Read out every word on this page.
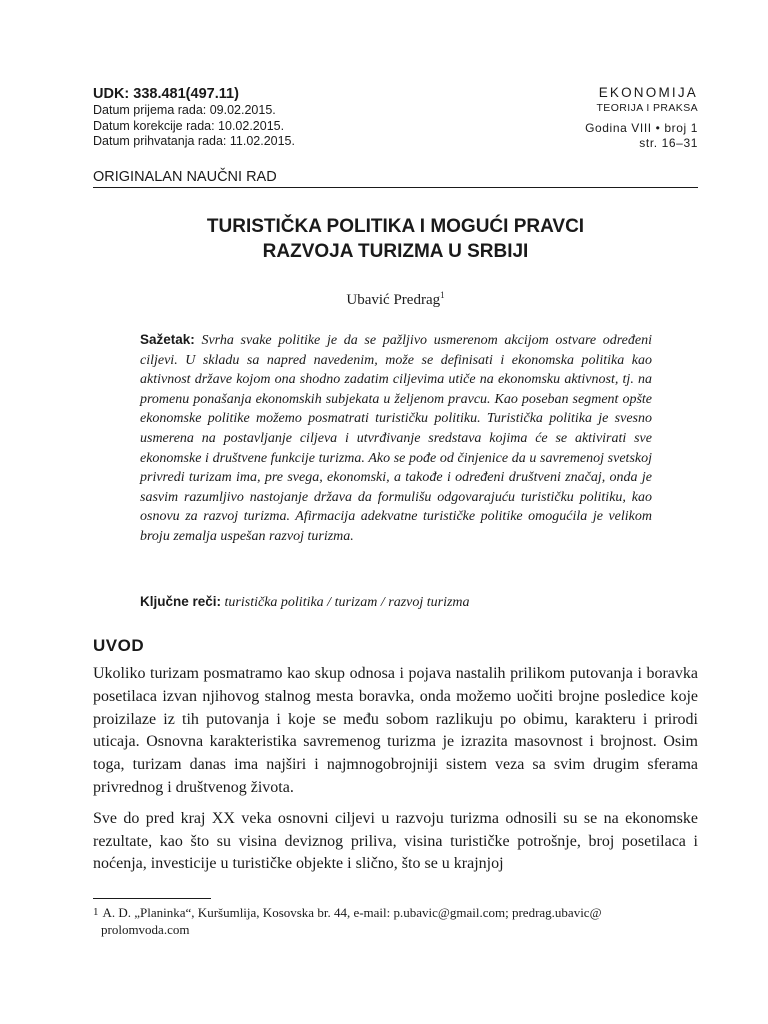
UDK: 338.481(497.11)
Datum prijema rada: 09.02.2015.
Datum korekcije rada: 10.02.2015.
Datum prihvatanja rada: 11.02.2015.
EKONOMIJA
TEORIJA I PRAKSA
Godina VIII • broj 1
str. 16–31
ORIGINALAN NAUČNI RAD
TURISTIČKA POLITIKA I MOGUĆI PRAVCI
RAZVOJA TURIZMA U SRBIJI
Ubavić Predrag$^1$
Sažetak: Svrha svake politike je da se pažljivo usmerenom akcijom ostvare određeni ciljevi. U skladu sa napred navedenim, može se definisati i ekonomska politika kao aktivnost države kojom ona shodno zadatim ciljevima utiče na ekonomsku aktivnost, tj. na promenu ponašanja ekonomskih subjekata u željenom pravcu. Kao poseban segment opšte ekonomske politike možemo posmatrati turističku politiku. Turistička politika je svesno usmerena na postavljanje ciljeva i utvrđivanje sredstava kojima će se aktivirati sve ekonomske i društvene funkcije turizma. Ako se pođe od činjenice da u savremenoj svetskoj privredi turizam ima, pre svega, ekonomski, a takođe i određeni društveni značaj, onda je sasvim razumljivo nastojanje država da formulišu odgovarajuću turističku politiku, kao osnovu za razvoj turizma. Afirmacija adekvatne turističke politike omogućila je velikom broju zemalja uspešan razvoj turizma.
Ključne reči: turistička politika / turizam / razvoj turizma
UVOD

Ukoliko turizam posmatramo kao skup odnosa i pojava nastalih prilikom putovanja i boravka posetilaca izvan njihovog stalnog mesta boravka, onda možemo uočiti brojne posledice koje proizilaze iz tih putovanja i koje se među sobom razlikuju po obimu, karakteru i prirodi uticaja. Osnovna karakteristika savremenog turizma je izrazita masovnost i brojnost. Osim toga, turizam danas ima najširi i najmnogobrojniji sistem veza sa svim drugim sferama privrednog i društvenog života.

Sve do pred kraj XX veka osnovni ciljevi u razvoju turizma odnosili su se na ekonomske rezultate, kao što su visina deviznog priliva, visina turističke potrošnje, broj posetilaca i noćenja, investicije u turističke objekte i slično, što se u krajnjoj

$^1$ A. D. „Planinka“, Kuršumlija, Kosovska br. 44, e-mail: p.ubavic@gmail.com; predrag.ubavic@
prolomvoda.com
